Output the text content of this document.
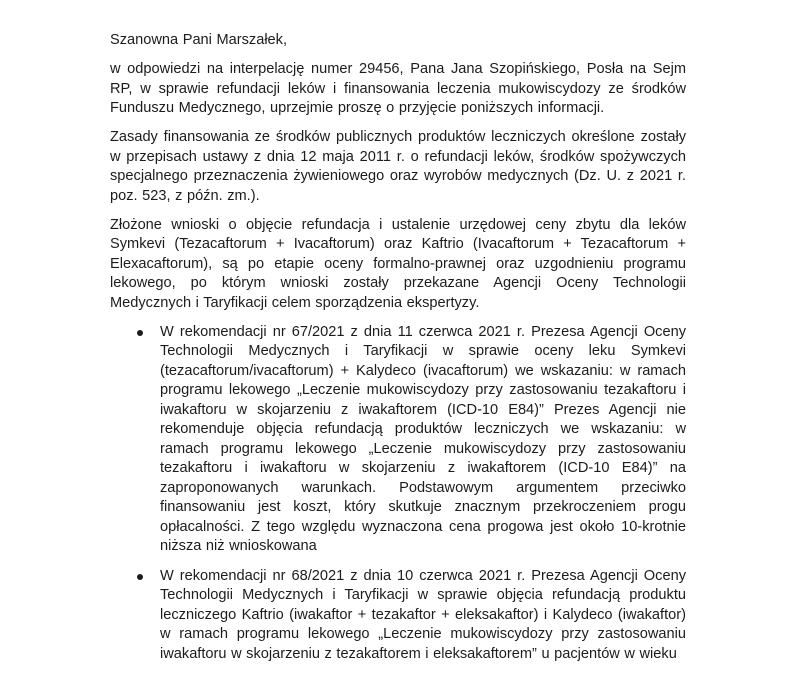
Szanowna Pani Marszałek,

w odpowiedzi na interpelację numer 29456, Pana Jana Szopińskiego, Posła na Sejm RP, w sprawie refundacji leków i finansowania leczenia mukowiscydozy ze środków Funduszu Medycznego, uprzejmie proszę o przyjęcie poniższych informacji.

Zasady finansowania ze środków publicznych produktów leczniczych określone zostały w przepisach ustawy z dnia 12 maja 2011 r. o refundacji leków, środków spożywczych specjalnego przeznaczenia żywieniowego oraz wyrobów medycznych (Dz. U. z 2021 r. poz. 523, z późn. zm.).

Złożone wnioski o objęcie refundacja i ustalenie urzędowej ceny zbytu dla leków Symkevi (Tezacaftorum + Ivacaftorum) oraz Kaftrio (Ivacaftorum + Tezacaftorum + Elexacaftorum), są po etapie oceny formalno-prawnej oraz uzgodnieniu programu lekowego, po którym wnioski zostały przekazane Agencji Oceny Technologii Medycznych i Taryfikacji celem sporządzenia ekspertyzy.

W rekomendacji nr 67/2021 z dnia 11 czerwca 2021 r. Prezesa Agencji Oceny Technologii Medycznych i Taryfikacji w sprawie oceny leku Symkevi (tezacaftorum/ivacaftorum) + Kalydeco (ivacaftorum) we wskazaniu: w ramach programu lekowego „Leczenie mukowiscydozy przy zastosowaniu tezakaftoru i iwakaftoru w skojarzeniu z iwakaftorem (ICD-10 E84)” Prezes Agencji nie rekomenduje objęcia refundacją produktów leczniczych we wskazaniu: w ramach programu lekowego „Leczenie mukowiscydozy przy zastosowaniu tezakaftoru i iwakaftoru w skojarzeniu z iwakaftorem (ICD-10 E84)” na zaproponowanych warunkach. Podstawowym argumentem przeciwko finansowaniu jest koszt, który skutkuje znacznym przekroczeniem progu opłacalności. Z tego względu wyznaczona cena progowa jest około 10-krotnie niższa niż wnioskowana
W rekomendacji nr 68/2021 z dnia 10 czerwca 2021 r. Prezesa Agencji Oceny Technologii Medycznych i Taryfikacji w sprawie objęcia refundacją produktu leczniczego Kaftrio (iwakaftor + tezakaftor + eleksakaftor) i Kalydeco (iwakaftor) w ramach programu lekowego „Leczenie mukowiscydozy przy zastosowaniu iwakaftoru w skojarzeniu z tezakaftorem i eleksakaftorem” u pacjentów w wieku
